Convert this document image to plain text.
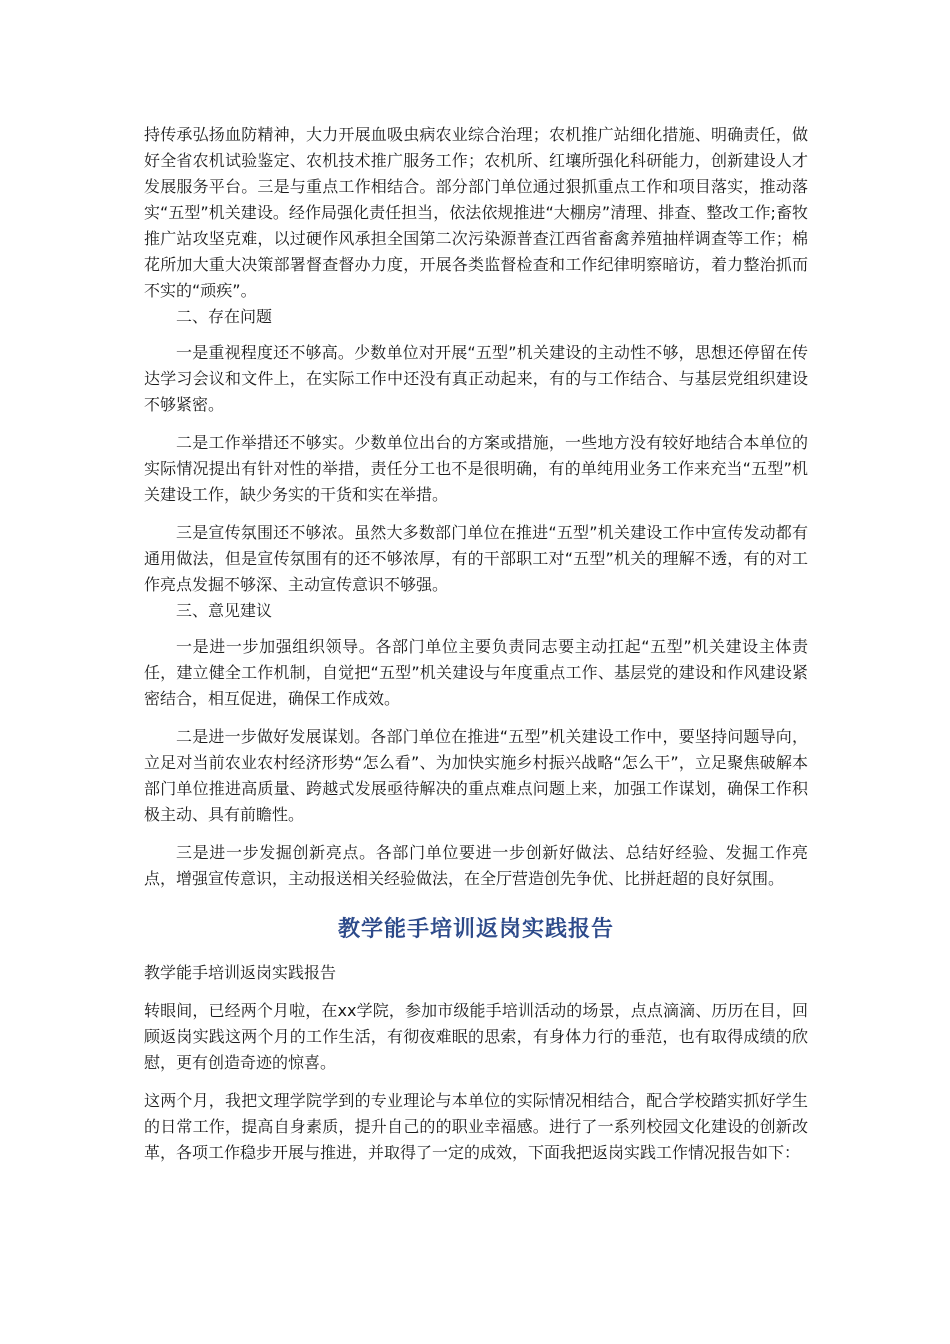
持传承弘扬血防精神，大力开展血吸虫病农业综合治理；农机推广站细化措施、明确责任，做好全省农机试验鉴定、农机技术推广服务工作；农机所、红壤所强化科研能力，创新建设人才发展服务平台。三是与重点工作相结合。部分部门单位通过狠抓重点工作和项目落实，推动落实“五型”机关建设。经作局强化责任担当，依法依规推进“大棚房”清理、排查、整改工作;畜牧推广站攻坚克难，以过硬作风承担全国第二次污染源普查江西省畜禽养殖抽样调查等工作；棉花所加大重大决策部署督查督办力度，开展各类监督检查和工作纪律明察暗访，着力整治抓而不实的“顽疾”。

二、存在问题

一是重视程度还不够高。少数单位对开展“五型”机关建设的主动性不够，思想还停留在传达学习会议和文件上，在实际工作中还没有真正动起来，有的与工作结合、与基层党组织建设不够紧密。

二是工作举措还不够实。少数单位出台的方案或措施，一些地方没有较好地结合本单位的实际情况提出有针对性的举措，责任分工也不是很明确，有的单纯用业务工作来充当“五型”机关建设工作，缺少务实的干货和实在举措。

三是宣传氛围还不够浓。虽然大多数部门单位在推进“五型”机关建设工作中宣传发动都有通用做法，但是宣传氛围有的还不够浓厚，有的干部职工对“五型”机关的理解不透，有的对工作亮点发掘不够深、主动宣传意识不够强。

三、意见建议

一是进一步加强组织领导。各部门单位主要负责同志要主动扛起“五型”机关建设主体责任，建立健全工作机制，自觉把“五型”机关建设与年度重点工作、基层党的建设和作风建设紧密结合，相互促进，确保工作成效。

二是进一步做好发展谋划。各部门单位在推进“五型”机关建设工作中，要坚持问题导向，立足对当前农业农村经济形势“怎么看”、为加快实施乡村振兴战略“怎么干”，立足聚焦破解本部门单位推进高质量、跨越式发展亟待解决的重点难点问题上来，加强工作谋划，确保工作积极主动、具有前瞻性。

三是进一步发掘创新亮点。各部门单位要进一步创新好做法、总结好经验、发掘工作亮点，增强宣传意识，主动报送相关经验做法，在全厅营造创先争优、比拼赶超的良好氛围。

教学能手培训返岗实践报告

教学能手培训返岗实践报告

转眼间，已经两个月啦，在xx学院，参加市级能手培训活动的场景，点点滴滴、历历在目，回顾返岗实践这两个月的工作生活，有彻夜难眠的思索，有身体力行的垂范，也有取得成绩的欣慰，更有创造奇迹的惊喜。

这两个月，我把文理学院学到的专业理论与本单位的实际情况相结合，配合学校踏实抓好学生的日常工作，提高自身素质，提升自己的的职业幸福感。进行了一系列校园文化建设的创新改革，各项工作稳步开展与推进，并取得了一定的成效，下面我把返岗实践工作情况报告如下：
